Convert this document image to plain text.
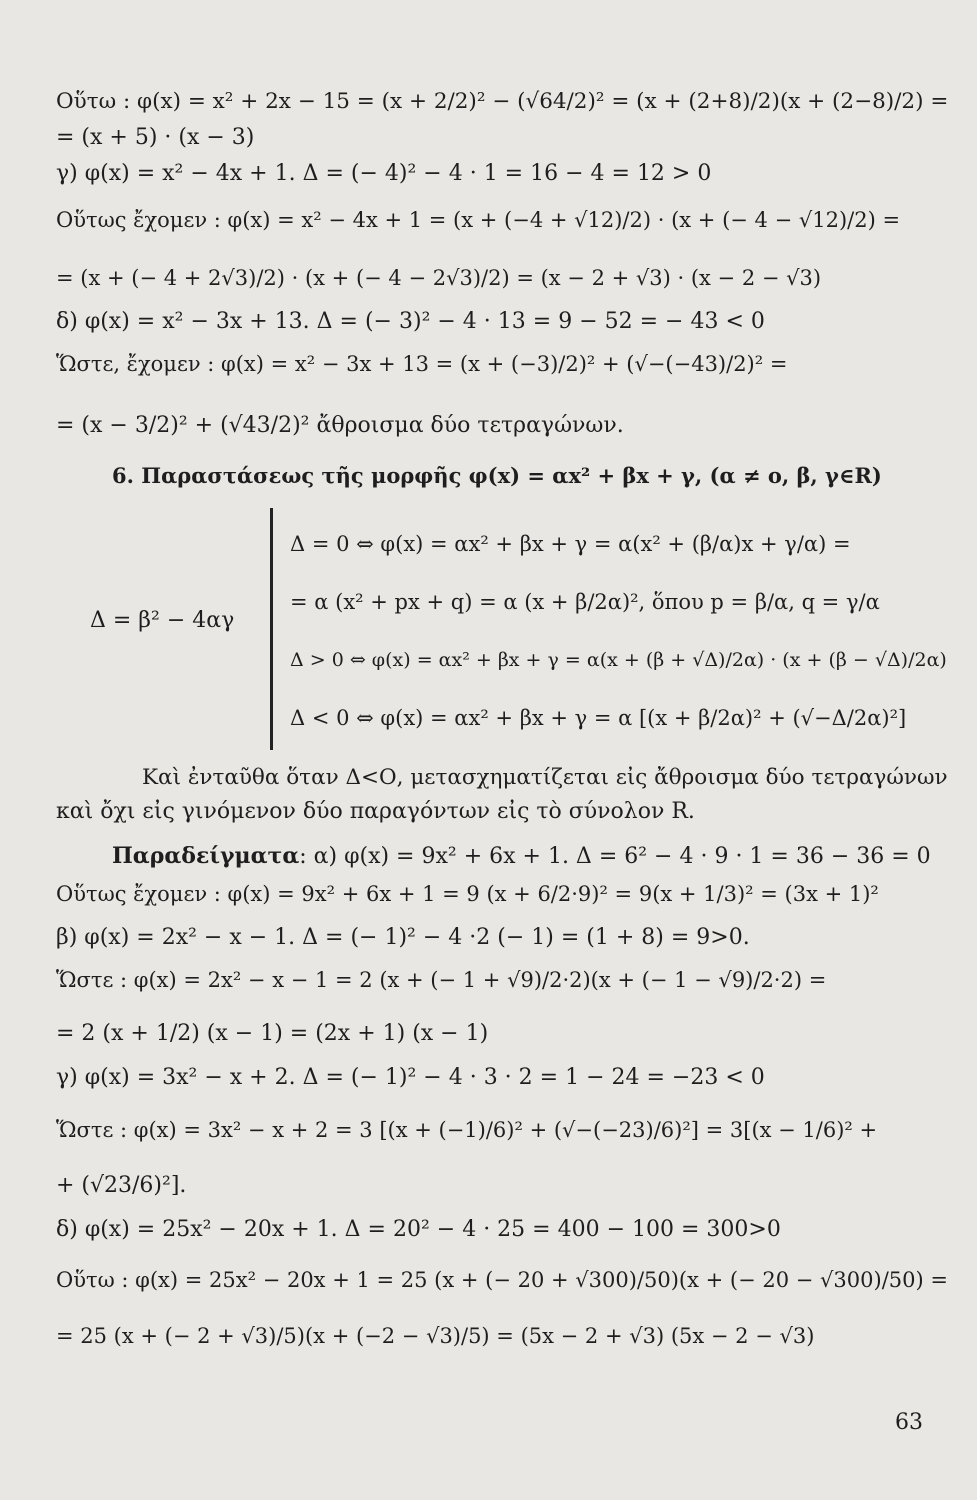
Οὕτω : φ(x) = x² + 2x − 15 = (x + 2/2)² − (√64/2)² = (x + (2+8)/2)(x + (2−8)/2) =
= (x + 5) · (x − 3)
γ) φ(x) = x² − 4x + 1. Δ = (− 4)² − 4 · 1 = 16 − 4 = 12 > 0
Οὕτως ἔχομεν : φ(x) = x² − 4x + 1 = (x + (−4 + √12)/2) · (x + (− 4 − √12)/2) =
= (x + (− 4 + 2√3)/2) · (x + (− 4 − 2√3)/2) = (x − 2 + √3) · (x − 2 − √3)
δ) φ(x) = x² − 3x + 13. Δ = (− 3)² − 4 · 13 = 9 − 52 = − 43 < 0
Ὥστε, ἔχομεν : φ(x) = x² − 3x + 13 = (x + (−3)/2)² + (√−(−43)/2)² =
= (x − 3/2)² + (√43/2)² ἄθροισμα δύο τετραγώνων.
6. Παραστάσεως τῆς μορφῆς φ(x) = αx² + βx + γ, (α ≠ ο, β, γ∈R)
Δ = β² − 4αγ
Δ = 0 ⇔ φ(x) = αx² + βx + γ = α(x² + (β/α)x + γ/α) =
= α (x² + px + q) = α (x + β/2α)², ὅπου p = β/α, q = γ/α
Δ > 0 ⇔ φ(x) = αx² + βx + γ = α(x + (β + √Δ)/2α) · (x + (β − √Δ)/2α)
Δ < 0 ⇔ φ(x) = αx² + βx + γ = α [(x + β/2α)² + (√−Δ/2α)²]
Καὶ ἐνταῦθα ὅταν Δ<Ο, μετασχηματίζεται εἰς ἄθροισμα δύο τετραγώνων
καὶ ὄχι εἰς γινόμενον δύο παραγόντων εἰς τὸ σύνολον R.
Παραδείγματα: α) φ(x) = 9x² + 6x + 1. Δ = 6² − 4 · 9 · 1 = 36 − 36 = 0
Οὕτως ἔχομεν : φ(x) = 9x² + 6x + 1 = 9 (x + 6/2·9)² = 9(x + 1/3)² = (3x + 1)²
β) φ(x) = 2x² − x − 1. Δ = (− 1)² − 4 ·2 (− 1) = (1 + 8) = 9>0.
Ὥστε : φ(x) = 2x² − x − 1 = 2 (x + (− 1 + √9)/2·2)(x + (− 1 − √9)/2·2) =
= 2 (x + 1/2) (x − 1) = (2x + 1) (x − 1)
γ) φ(x) = 3x² − x + 2. Δ = (− 1)² − 4 · 3 · 2 = 1 − 24 = −23 < 0
Ὥστε : φ(x) = 3x² − x + 2 = 3 [(x + (−1)/6)² + (√−(−23)/6)²] = 3[(x − 1/6)² +
+ (√23/6)²].
δ) φ(x) = 25x² − 20x + 1. Δ = 20² − 4 · 25 = 400 − 100 = 300>0
Οὕτω : φ(x) = 25x² − 20x + 1 = 25 (x + (− 20 + √300)/50)(x + (− 20 − √300)/50) =
= 25 (x + (− 2 + √3)/5)(x + (−2 − √3)/5) = (5x − 2 + √3) (5x − 2 − √3)
63
